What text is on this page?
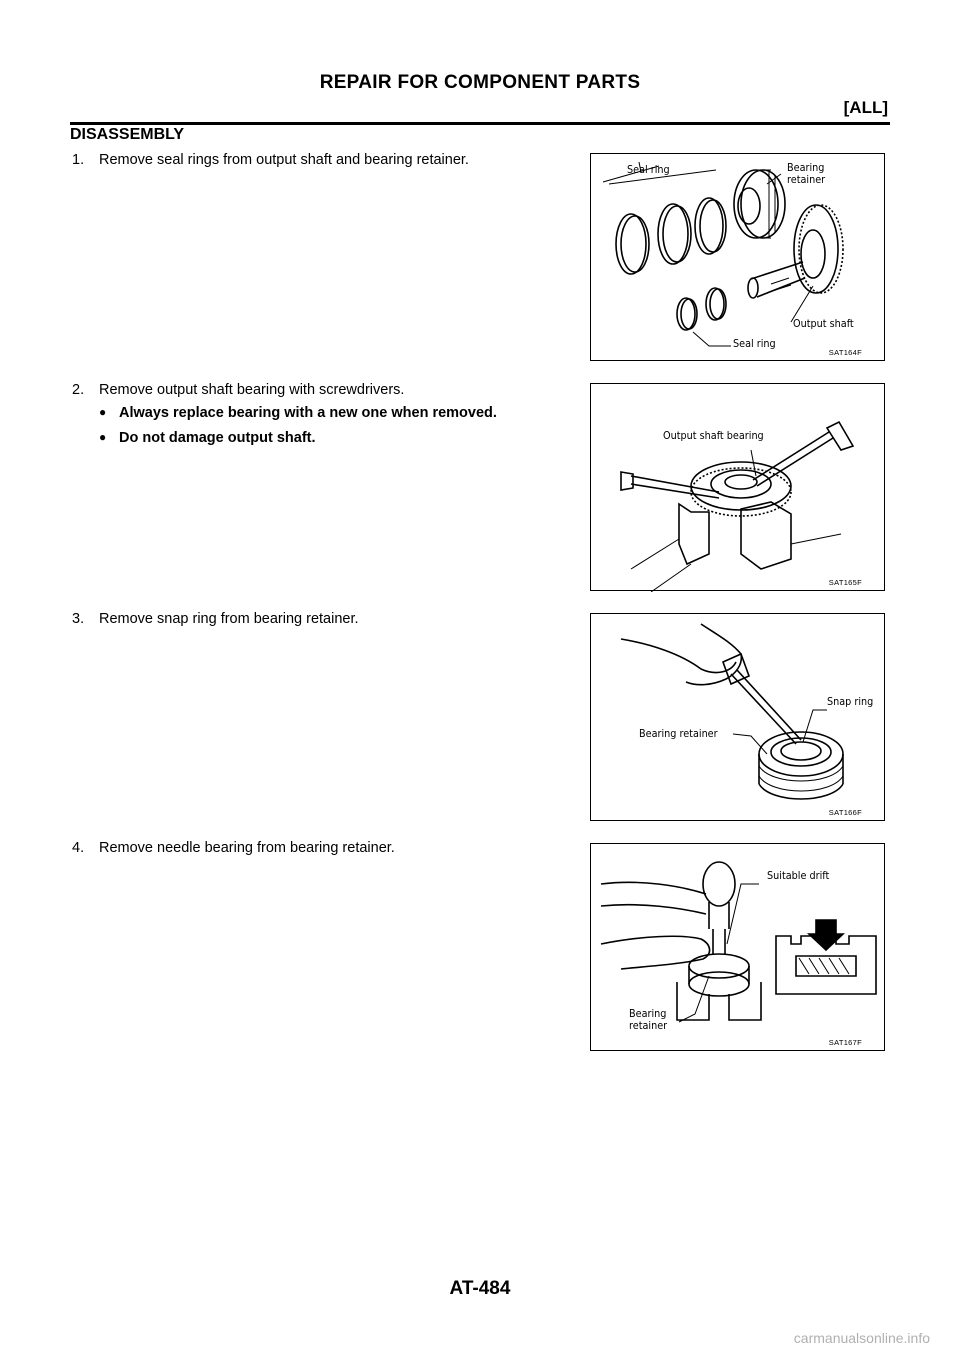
REPAIR FOR COMPONENT PARTS
[ALL]
DISASSEMBLY
1. Remove seal rings from output shaft and bearing retainer.
2. Remove output shaft bearing with screwdrivers.
● Always replace bearing with a new one when removed.
● Do not damage output shaft.
3. Remove snap ring from bearing retainer.
4. Remove needle bearing from bearing retainer.
Seal ring	Bearing
retainer
Output shaft
Seal ring
SAT164F
Output shaft bearing
SAT165F
Snap ring
Bearing retainer
SAT166F
Suitable drift
Bearing
retainer
SAT167F
AT-484
carmanualsonline.info
